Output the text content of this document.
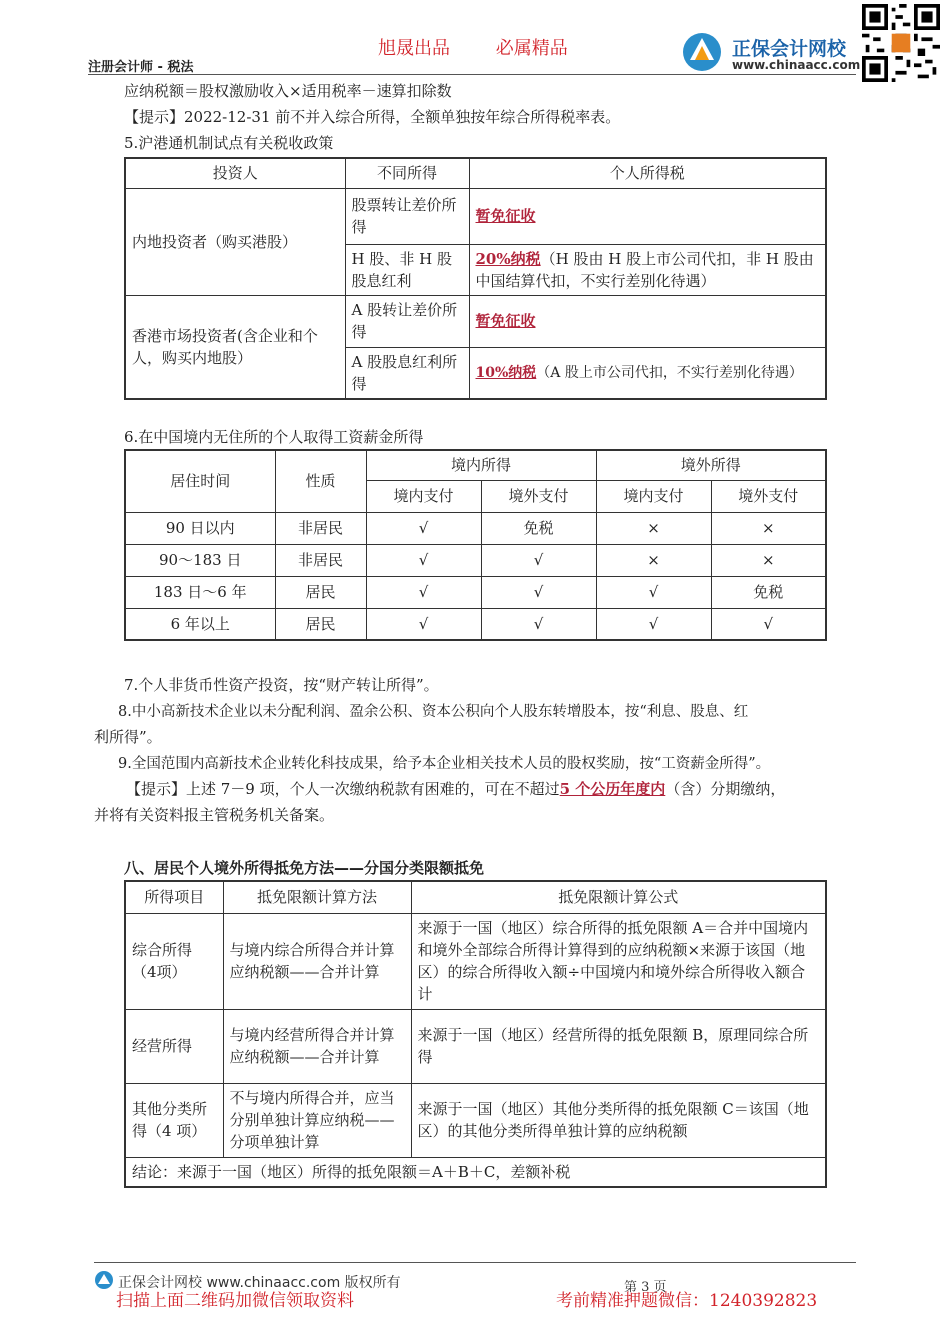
旭晟出品	必属精品
注册会计师 - 税法
正保会计网校
www.chinaacc.com

应纳税额＝股权激励收入×适用税率－速算扣除数

【提示】2022-12-31 前不并入综合所得，全额单独按年综合所得税率表。

5.沪港通机制试点有关税收政策

投资人	不同所得	个人所得税
内地投资者（购买港股）	股票转让差价所得	暂免征收
	H 股、非 H 股股息红利	20%纳税（H 股由 H 股上市公司代扣，非 H 股由中国结算代扣，不实行差别化待遇）
香港市场投资者(含企业和个人，购买内地股）	A 股转让差价所得	暂免征收
	A 股股息红利所得	10%纳税（A 股上市公司代扣，不实行差别化待遇）

6.在中国境内无住所的个人取得工资薪金所得

居住时间	性质	境内所得		境外所得	
		境内支付	境外支付	境内支付	境外支付
90 日以内	非居民	√	免税	×	×
90～183 日	非居民	√	√	×	×
183 日～6 年	居民	√	√	√	免税
6 年以上	居民	√	√	√	√

7.个人非货币性资产投资，按“财产转让所得”。

8.中小高新技术企业以未分配利润、盈余公积、资本公积向个人股东转增股本，按“利息、股息、红

利所得”。

9.全国范围内高新技术企业转化科技成果，给予本企业相关技术人员的股权奖励，按“工资薪金所得”。

【提示】上述 7－9 项，个人一次缴纳税款有困难的，可在不超过5 个公历年度内（含）分期缴纳，

并将有关资料报主管税务机关备案。

八、居民个人境外所得抵免方法——分国分类限额抵免

所得项目	抵免限额计算方法	抵免限额计算公式
综合所得（4项）	与境内综合所得合并计算应纳税额——合并计算	来源于一国（地区）综合所得的抵免限额 A＝合并中国境内和境外全部综合所得计算得到的应纳税额×来源于该国（地区）的综合所得收入额÷中国境内和境外综合所得收入额合计
经营所得	与境内经营所得合并计算应纳税额——合并计算	来源于一国（地区）经营所得的抵免限额 B，原理同综合所得
其他分类所得（4 项）	不与境内所得合并，应当分别单独计算应纳税——分项单独计算	来源于一国（地区）其他分类所得的抵免限额 C＝该国（地区）的其他分类所得单独计算的应纳税额
结论：来源于一国（地区）所得的抵免限额＝A＋B＋C，差额补税		
正保会计网校 www.chinaacc.com 版权所有	第 3 页
扫描上面二维码加微信领取资料	考前精准押题微信：1240392823
